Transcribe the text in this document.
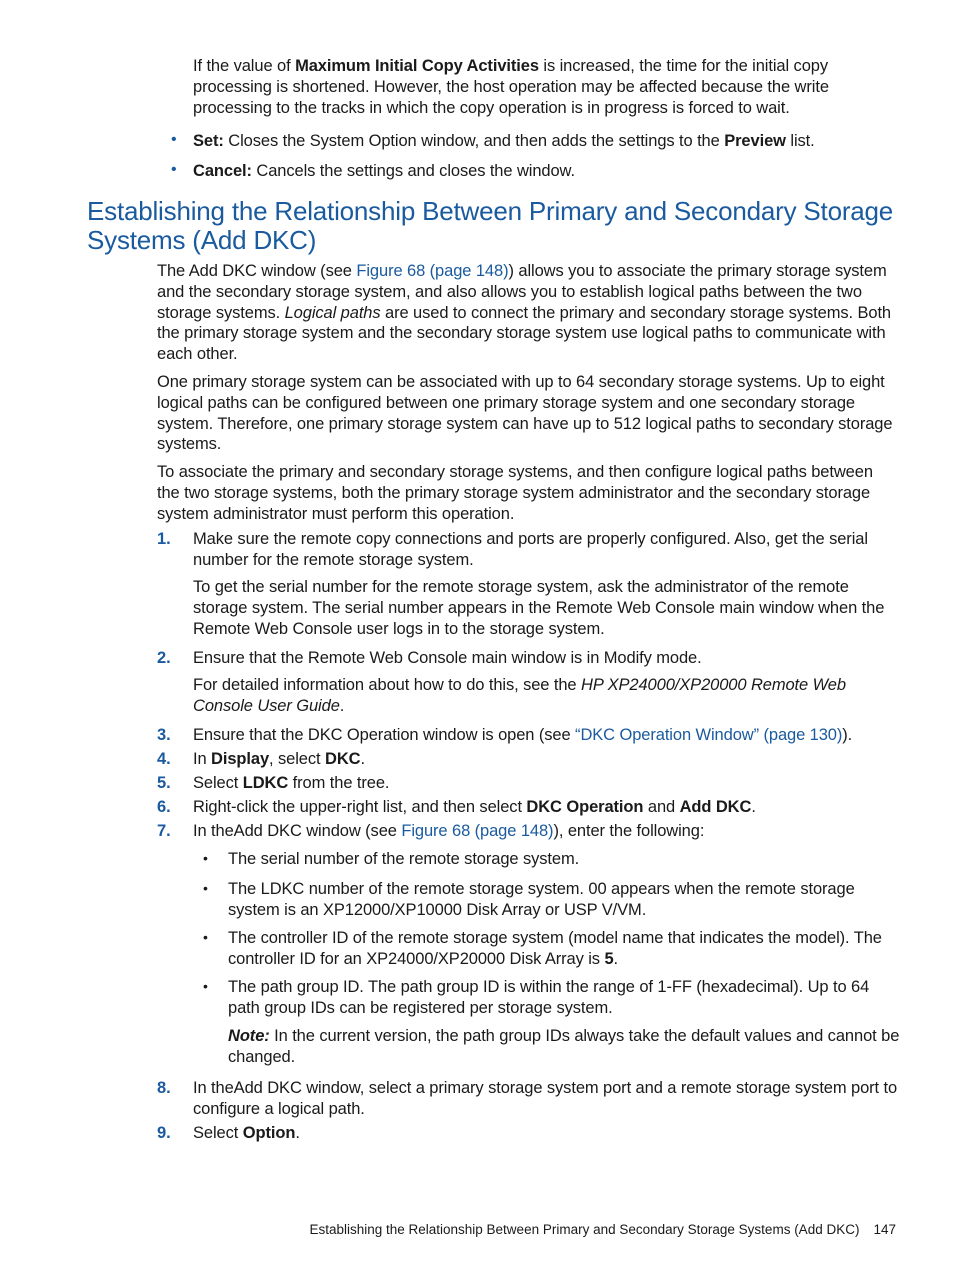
If the value of Maximum Initial Copy Activities is increased, the time for the initial copy processing is shortened. However, the host operation may be affected because the write processing to the tracks in which the copy operation is in progress is forced to wait.

• Set: Closes the System Option window, and then adds the settings to the Preview list.

• Cancel: Cancels the settings and closes the window.

Establishing the Relationship Between Primary and Secondary Storage Systems (Add DKC)

The Add DKC window (see Figure 68 (page 148)) allows you to associate the primary storage system and the secondary storage system, and also allows you to establish logical paths between the two storage systems. Logical paths are used to connect the primary and secondary storage systems. Both the primary storage system and the secondary storage system use logical paths to communicate with each other.

One primary storage system can be associated with up to 64 secondary storage systems. Up to eight logical paths can be configured between one primary storage system and one secondary storage system. Therefore, one primary storage system can have up to 512 logical paths to secondary storage systems.

To associate the primary and secondary storage systems, and then configure logical paths between the two storage systems, both the primary storage system administrator and the secondary storage system administrator must perform this operation.

1. Make sure the remote copy connections and ports are properly configured. Also, get the serial number for the remote storage system.

To get the serial number for the remote storage system, ask the administrator of the remote storage system. The serial number appears in the Remote Web Console main window when the Remote Web Console user logs in to the storage system.

2. Ensure that the Remote Web Console main window is in Modify mode.

For detailed information about how to do this, see the HP XP24000/XP20000 Remote Web Console User Guide.

3. Ensure that the DKC Operation window is open (see “DKC Operation Window” (page 130)).

4. In Display, select DKC.

5. Select LDKC from the tree.

6. Right-click the upper-right list, and then select DKC Operation and Add DKC.

7. In theAdd DKC window (see Figure 68 (page 148)), enter the following:

• The serial number of the remote storage system.

• The LDKC number of the remote storage system. 00 appears when the remote storage system is an XP12000/XP10000 Disk Array or USP V/VM.

• The controller ID of the remote storage system (model name that indicates the model). The controller ID for an XP24000/XP20000 Disk Array is 5.

• The path group ID. The path group ID is within the range of 1-FF (hexadecimal). Up to 64 path group IDs can be registered per storage system.

Note: In the current version, the path group IDs always take the default values and cannot be changed.

8. In theAdd DKC window, select a primary storage system port and a remote storage system port to configure a logical path.

9. Select Option.

Establishing the Relationship Between Primary and Secondary Storage Systems (Add DKC) 147
